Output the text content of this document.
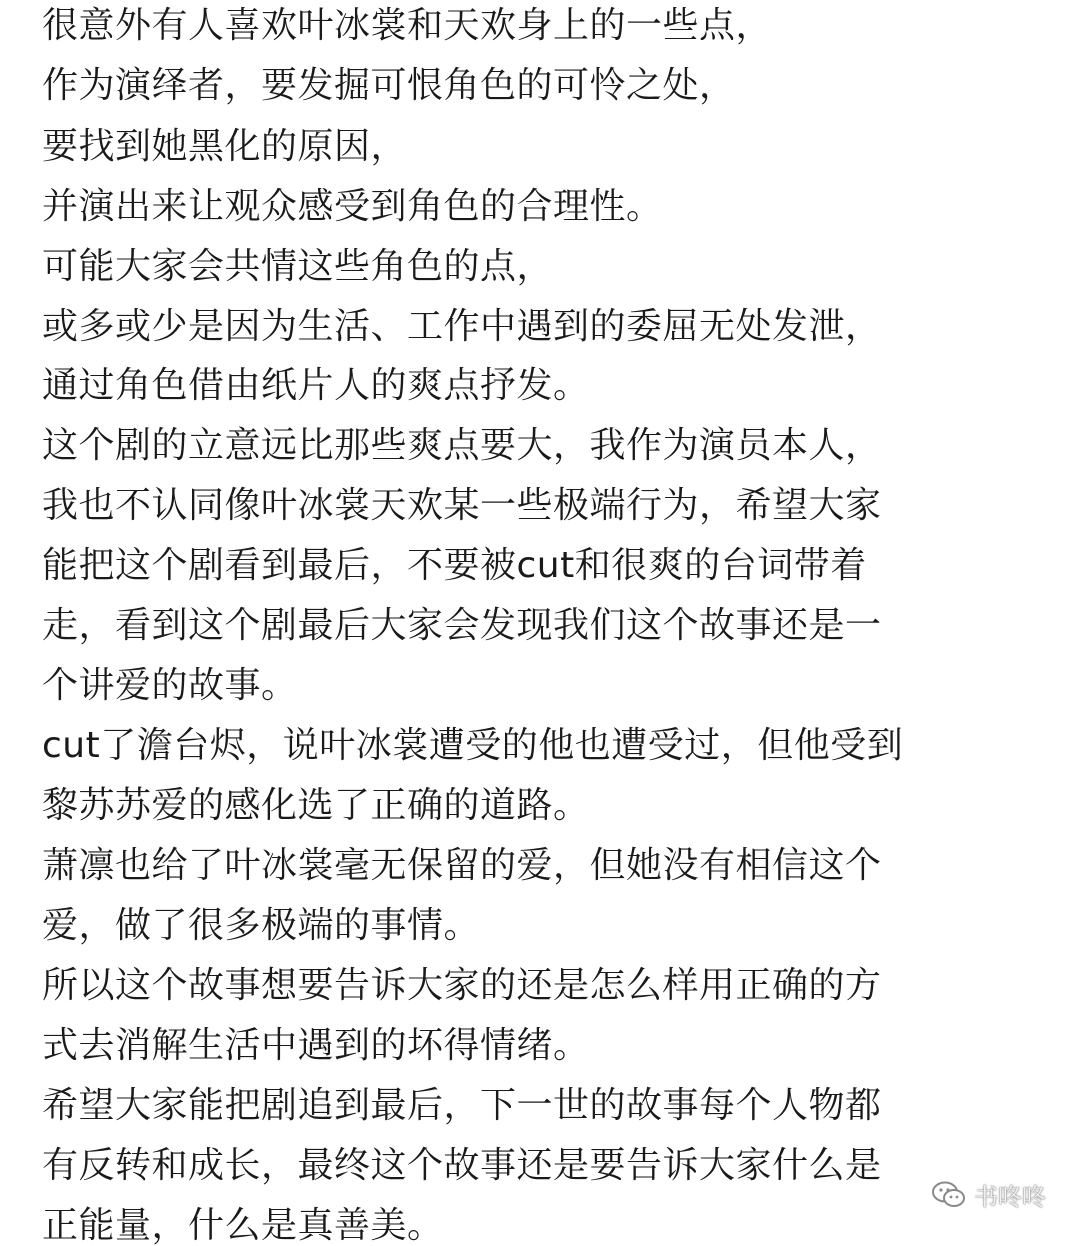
很意外有人喜欢叶冰裳和天欢身上的一些点，
作为演绎者，要发掘可恨角色的可怜之处，
要找到她黑化的原因，
并演出来让观众感受到角色的合理性。
可能大家会共情这些角色的点，
或多或少是因为生活、工作中遇到的委屈无处发泄，
通过角色借由纸片人的爽点抒发。
这个剧的立意远比那些爽点要大，我作为演员本人，
我也不认同像叶冰裳天欢某一些极端行为，希望大家
能把这个剧看到最后，不要被cut和很爽的台词带着
走，看到这个剧最后大家会发现我们这个故事还是一
个讲爱的故事。
cut了澹台烬，说叶冰裳遭受的他也遭受过，但他受到
黎苏苏爱的感化选了正确的道路。
萧凛也给了叶冰裳毫无保留的爱，但她没有相信这个
爱，做了很多极端的事情。
所以这个故事想要告诉大家的还是怎么样用正确的方
式去消解生活中遇到的坏得情绪。
希望大家能把剧追到最后，下一世的故事每个人物都
有反转和成长，最终这个故事还是要告诉大家什么是
正能量，什么是真善美。
书咚咚
